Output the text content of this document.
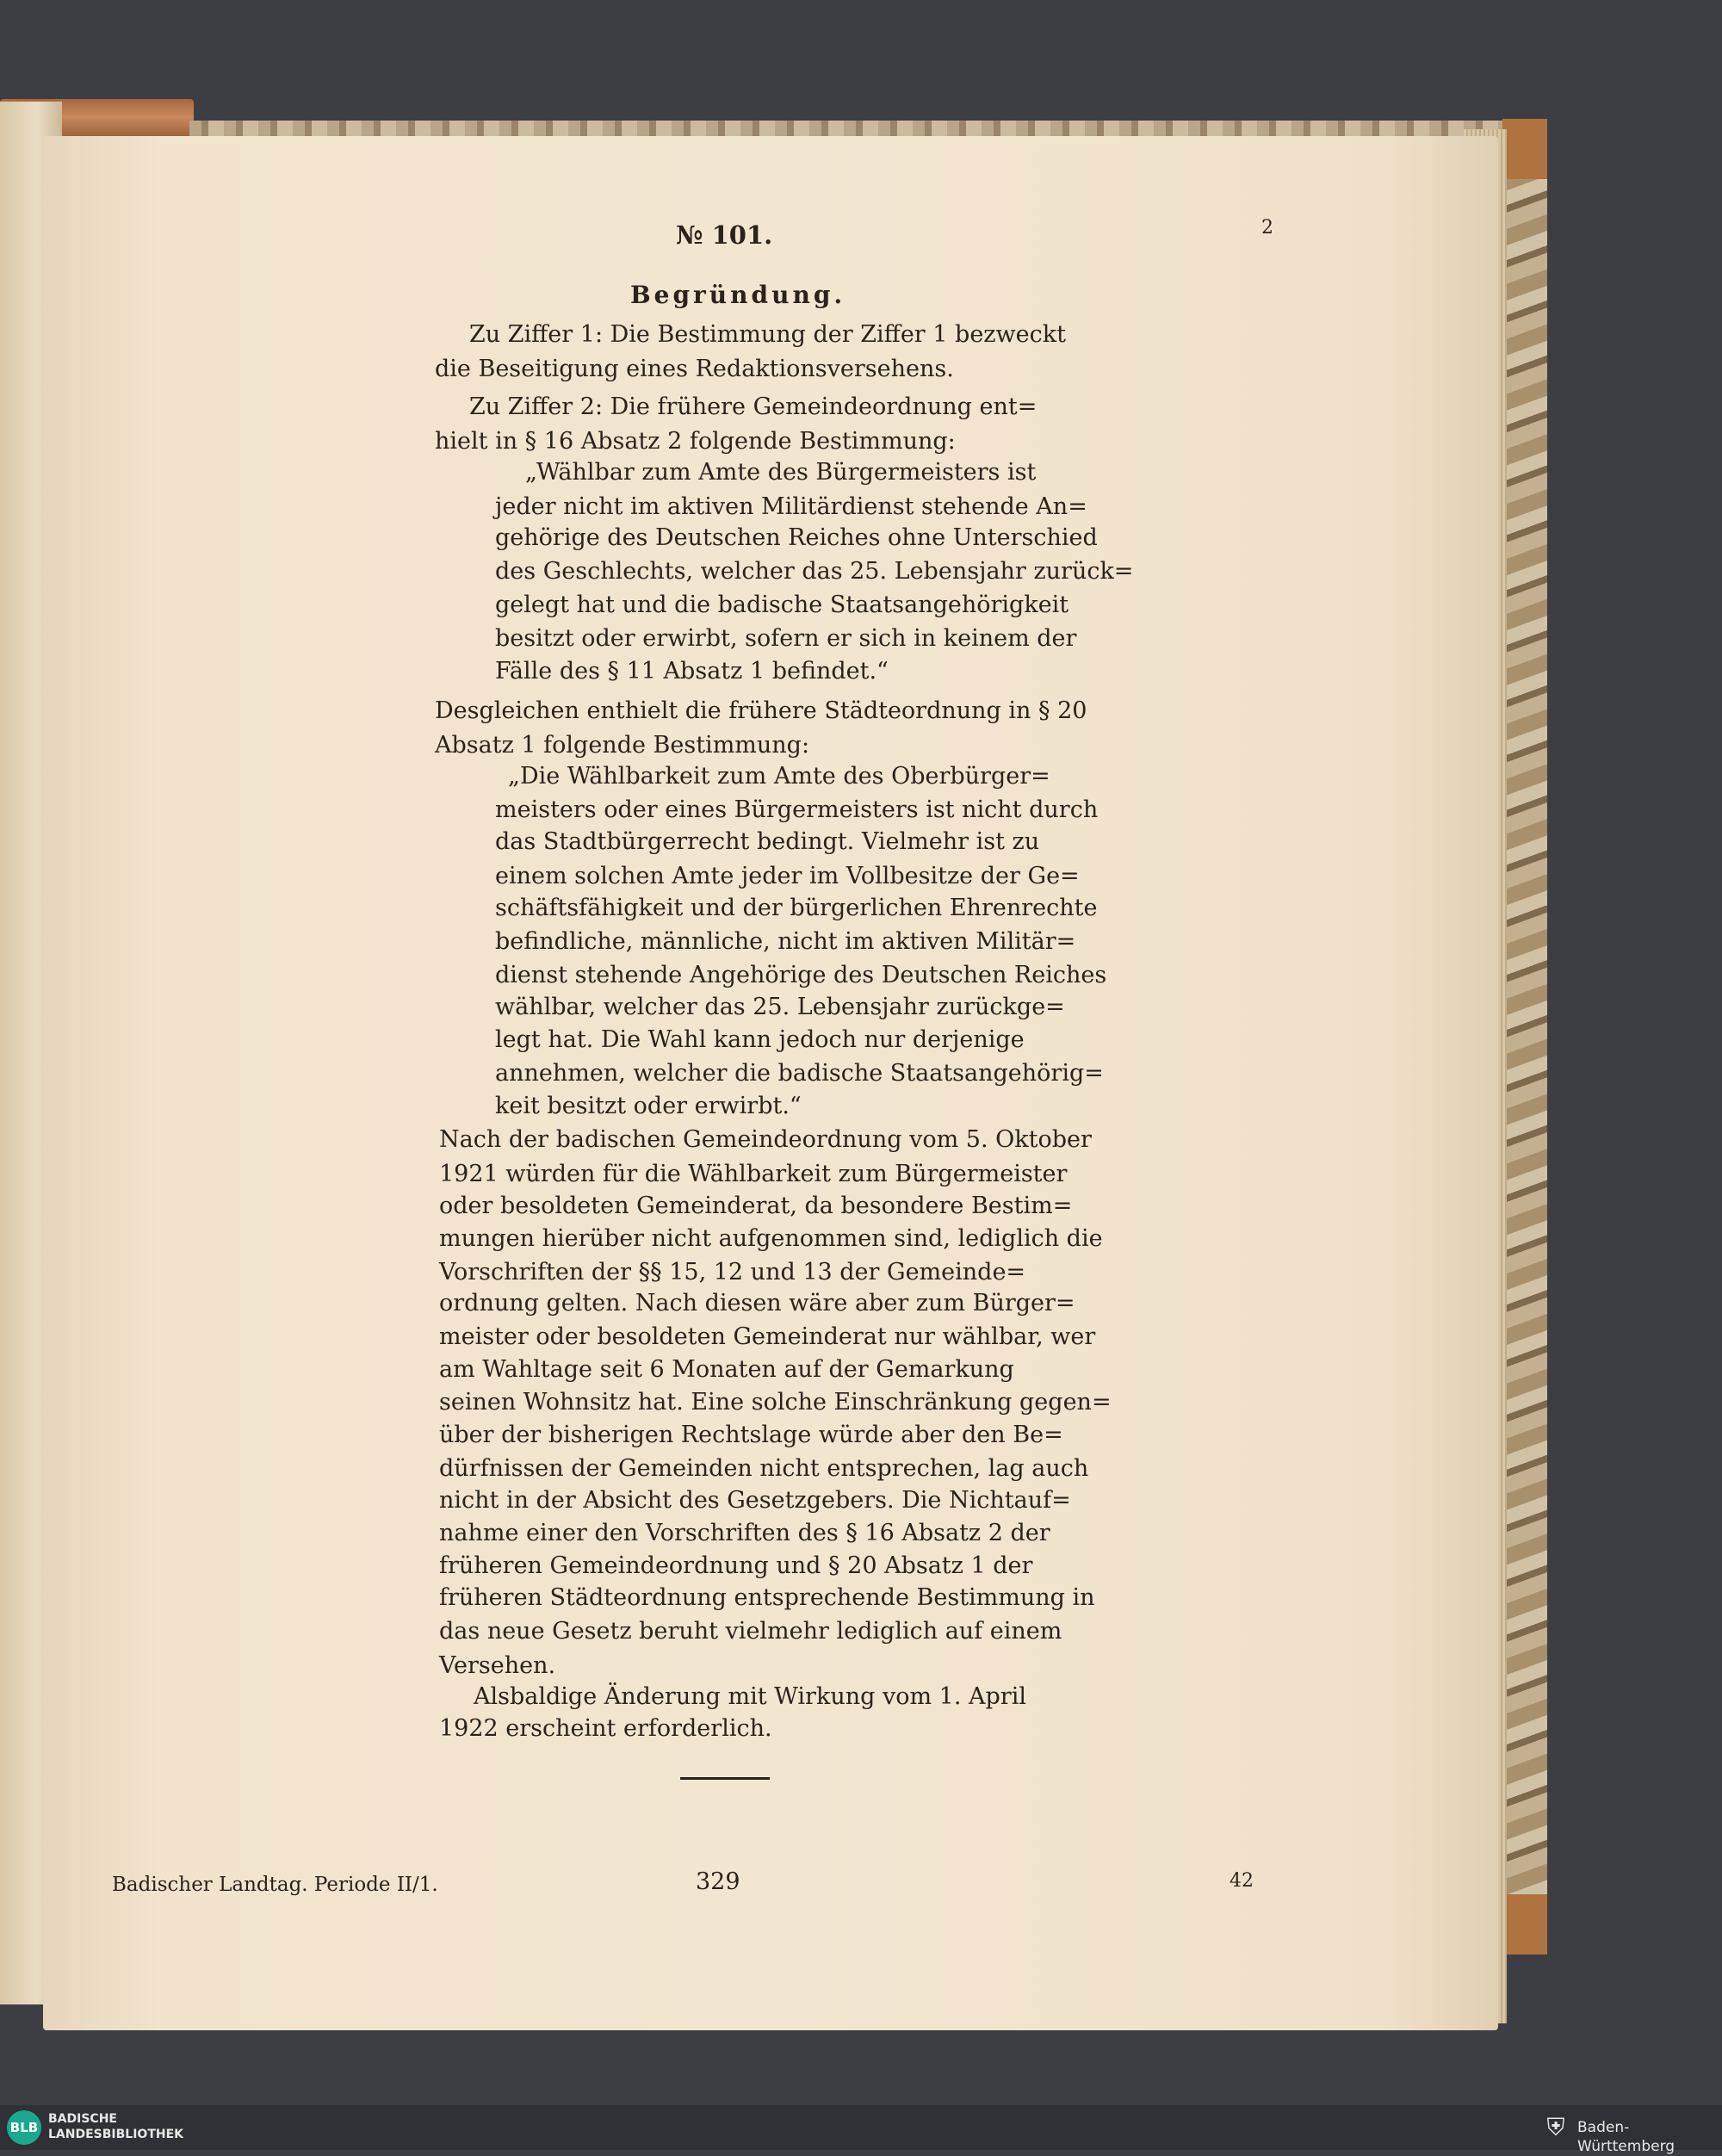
№ 101.	2
Begründung.
Zu Ziffer 1: Die Bestimmung der Ziffer 1 bezweckt
die Beseitigung eines Redaktionsversehens.
Zu Ziffer 2: Die frühere Gemeindeordnung ent=
hielt in § 16 Absatz 2 folgende Bestimmung:
„Wählbar zum Amte des Bürgermeisters ist
jeder nicht im aktiven Militärdienst stehende An=
gehörige des Deutschen Reiches ohne Unterschied
des Geschlechts, welcher das 25. Lebensjahr zurück=
gelegt hat und die badische Staatsangehörigkeit
besitzt oder erwirbt, sofern er sich in keinem der
Fälle des § 11 Absatz 1 befindet.“
Desgleichen enthielt die frühere Städteordnung in § 20
Absatz 1 folgende Bestimmung:
„Die Wählbarkeit zum Amte des Oberbürger=
meisters oder eines Bürgermeisters ist nicht durch
das Stadtbürgerrecht bedingt. Vielmehr ist zu
einem solchen Amte jeder im Vollbesitze der Ge=
schäftsfähigkeit und der bürgerlichen Ehrenrechte
befindliche, männliche, nicht im aktiven Militär=
dienst stehende Angehörige des Deutschen Reiches
wählbar, welcher das 25. Lebensjahr zurückge=
legt hat. Die Wahl kann jedoch nur derjenige
annehmen, welcher die badische Staatsangehörig=
keit besitzt oder erwirbt.“
Nach der badischen Gemeindeordnung vom 5. Oktober
1921 würden für die Wählbarkeit zum Bürgermeister
oder besoldeten Gemeinderat, da besondere Bestim=
mungen hierüber nicht aufgenommen sind, lediglich die
Vorschriften der §§ 15, 12 und 13 der Gemeinde=
ordnung gelten. Nach diesen wäre aber zum Bürger=
meister oder besoldeten Gemeinderat nur wählbar, wer
am Wahltage seit 6 Monaten auf der Gemarkung
seinen Wohnsitz hat. Eine solche Einschränkung gegen=
über der bisherigen Rechtslage würde aber den Be=
dürfnissen der Gemeinden nicht entsprechen, lag auch
nicht in der Absicht des Gesetzgebers. Die Nichtauf=
nahme einer den Vorschriften des § 16 Absatz 2 der
früheren Gemeindeordnung und § 20 Absatz 1 der
früheren Städteordnung entsprechende Bestimmung in
das neue Gesetz beruht vielmehr lediglich auf einem
Versehen.
Alsbaldige Änderung mit Wirkung vom 1. April
1922 erscheint erforderlich.
Badischer Landtag. Periode II/1.	329	42
BLB
BADISCHE
LANDESBIBLIOTHEK	⛨ Baden-Württemberg
